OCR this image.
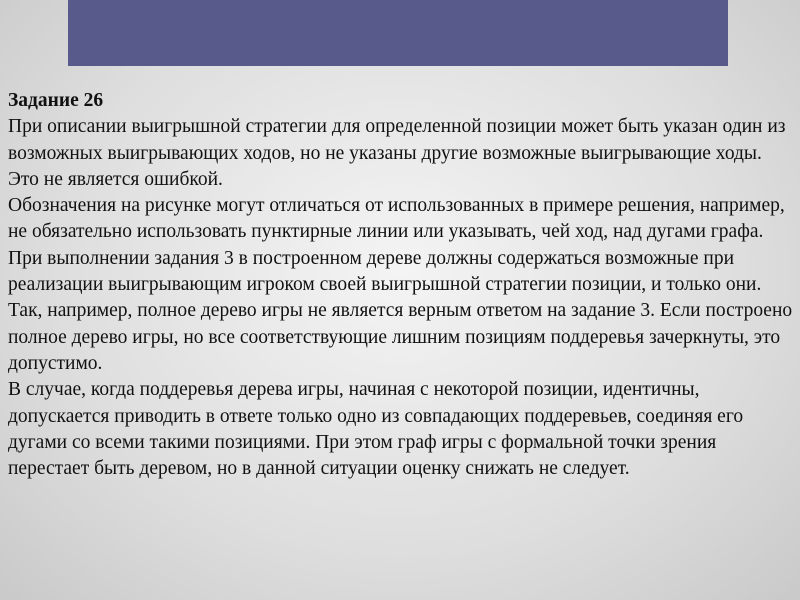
Задание 26

При описании выигрышной стратегии для определенной позиции может быть указан один из возможных выигрывающих ходов, но не указаны другие возможные выигрывающие ходы. Это не является ошибкой.

Обозначения на рисунке могут отличаться от использованных в примере решения, например, не обязательно использовать пунктирные линии или указывать, чей ход, над дугами графа.

При выполнении задания 3 в построенном дереве должны содержаться возможные при реализации выигрывающим игроком своей выигрышной стратегии позиции, и только они. Так, например, полное дерево игры не является верным ответом на задание 3. Если построено полное дерево игры, но все соответствующие лишним позициям поддеревья зачеркнуты, это допустимо.

В случае, когда поддеревья дерева игры, начиная с некоторой позиции, идентичны, допускается приводить в ответе только одно из совпадающих поддеревьев, соединяя его дугами со всеми такими позициями. При этом граф игры с формальной точки зрения перестает быть деревом, но в данной ситуации оценку снижать не следует.
